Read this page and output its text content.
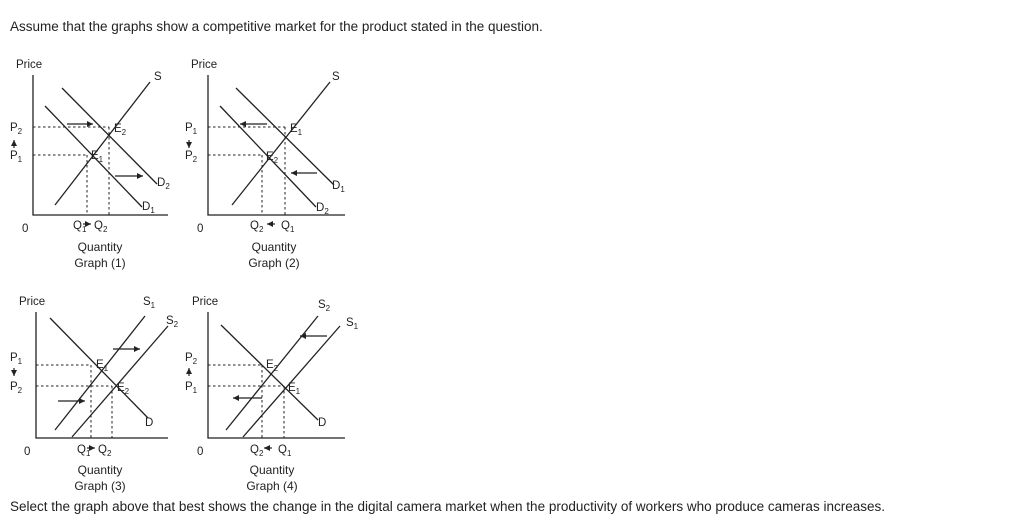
Assume that the graphs show a competitive market for the product stated in the question.
Price
0
S
$D_1$
$D_2$
$E_1$
$E_2$
$P_2$
$P_1$
$Q_1$ $Q_2$
Quantity
Graph (1)
Price
0
S
$D_1$
$D_2$
$E_1$
$E_2$
$P_1$
$P_2$
$Q_2$ $Q_1$
Quantity
Graph (2)
Price
0
$S_1$
$S_2$
D
$E_1$
$E_2$
$P_1$
$P_2$
$Q_1$ $Q_2$
Quantity
Graph (3)
Price
0
$S_2$
$S_1$
D
$E_2$
$E_1$
$P_2$
$P_1$
$Q_2$ $Q_1$
Quantity
Graph (4)
Select the graph above that best shows the change in the digital camera market when the productivity of workers who produce cameras increases.
